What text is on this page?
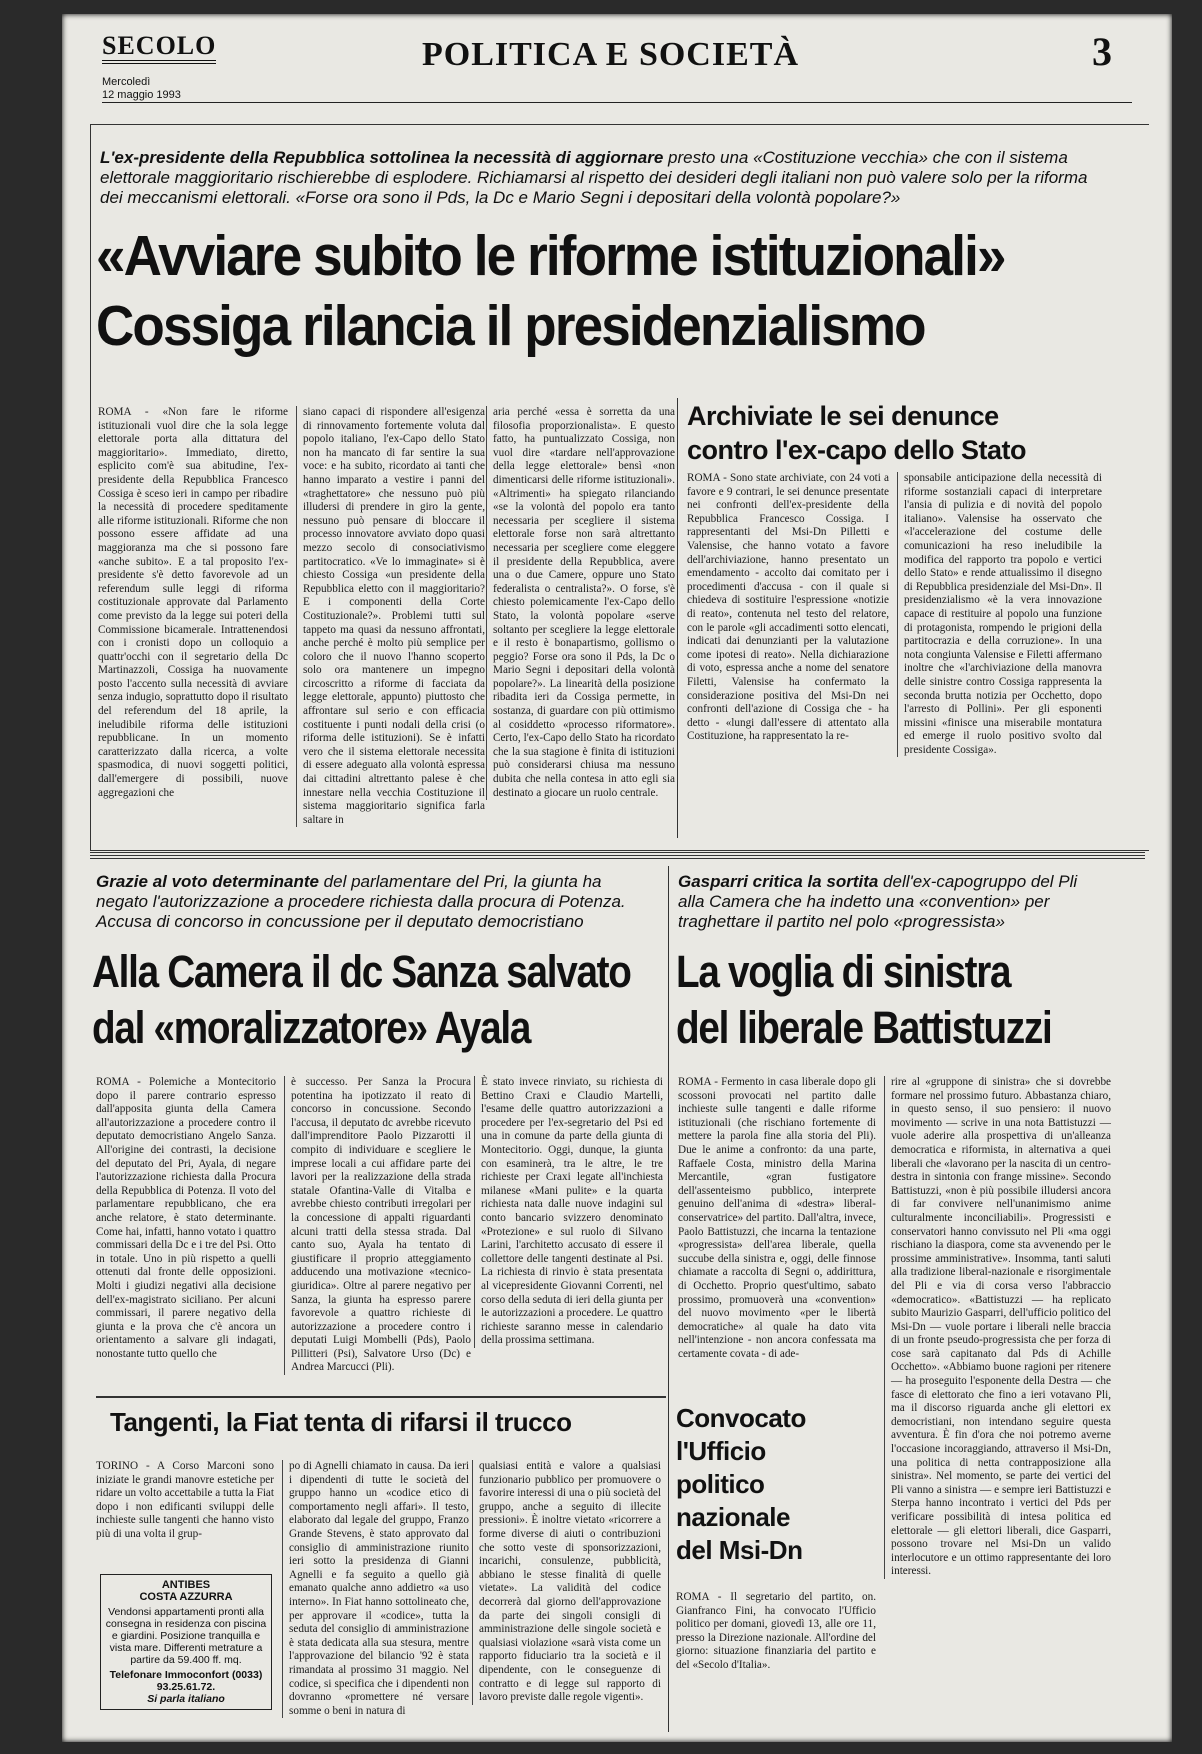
SECOLO
Mercoledì
12 maggio 1993
POLITICA E SOCIETÀ	3
L'ex-presidente della Repubblica sottolinea la necessità di aggiornare presto una «Costituzione vecchia» che con il sistema elettorale maggioritario rischierebbe di esplodere. Richiamarsi al rispetto dei desideri degli italiani non può valere solo per la riforma dei meccanismi elettorali. «Forse ora sono il Pds, la Dc e Mario Segni i depositari della volontà popolare?»
«Avviare subito le riforme istituzionali»
Cossiga rilancia il presidenzialismo
ROMA - «Non fare le riforme istituzionali vuol dire che la sola legge elettorale porta alla dittatura del maggioritario». Immediato, diretto, esplicito com'è sua abitudine, l'ex-presidente della Repubblica Francesco Cossiga è sceso ieri in campo per ribadire la necessità di procedere speditamente alle riforme istituzionali. Riforme che non possono essere affidate ad una maggioranza ma che si possono fare «anche subito». E a tal proposito l'ex-presidente s'è detto favorevole ad un referendum sulle leggi di riforma costituzionale approvate dal Parlamento come previsto da la legge sui poteri della Commissione bicamerale. Intrattenendosi con i cronisti dopo un colloquio a quattr'occhi con il segretario della Dc Martinazzoli, Cossiga ha nuovamente posto l'accento sulla necessità di avviare senza indugio, soprattutto dopo il risultato del referendum del 18 aprile, la ineludibile riforma delle istituzioni repubblicane. In un momento caratterizzato dalla ricerca, a volte spasmodica, di nuovi soggetti politici, dall'emergere di possibili, nuove aggregazioni che
siano capaci di rispondere all'esigenza di rinnovamento fortemente voluta dal popolo italiano, l'ex-Capo dello Stato non ha mancato di far sentire la sua voce: e ha subito, ricordato ai tanti che hanno imparato a vestire i panni del «traghettatore» che nessuno può più illudersi di prendere in giro la gente, nessuno può pensare di bloccare il processo innovatore avviato dopo quasi mezzo secolo di consociativismo partitocratico. «Ve lo immaginate» si è chiesto Cossiga «un presidente della Repubblica eletto con il maggioritario? E i componenti della Corte Costituzionale?». Problemi tutti sul tappeto ma quasi da nessuno affrontati, anche perché è molto più semplice per coloro che il nuovo l'hanno scoperto solo ora mantenere un impegno circoscritto a riforme di facciata da legge elettorale, appunto) piuttosto che affrontare sul serio e con efficacia costituente i punti nodali della crisi (o riforma delle istituzioni). Se è infatti vero che il sistema elettorale necessita di essere adeguato alla volontà espressa dai cittadini altrettanto palese è che innestare nella vecchia Costituzione il sistema maggioritario significa farla saltare in
aria perché «essa è sorretta da una filosofia proporzionalista». E questo fatto, ha puntualizzato Cossiga, non vuol dire «tardare nell'approvazione della legge elettorale» bensì «non dimenticarsi delle riforme istituzionali». «Altrimenti» ha spiegato rilanciando «se la volontà del popolo era tanto necessaria per scegliere il sistema elettorale forse non sarà altrettanto necessaria per scegliere come eleggere il presidente della Repubblica, avere una o due Camere, oppure uno Stato federalista o centralista?». O forse, s'è chiesto polemicamente l'ex-Capo dello Stato, la volontà popolare «serve soltanto per scegliere la legge elettorale e il resto è bonapartismo, gollismo o peggio? Forse ora sono il Pds, la Dc o Mario Segni i depositari della volontà popolare?». La linearità della posizione ribadita ieri da Cossiga permette, in sostanza, di guardare con più ottimismo al cosiddetto «processo riformatore». Certo, l'ex-Capo dello Stato ha ricordato che la sua stagione è finita di istituzioni può considerarsi chiusa ma nessuno dubita che nella contesa in atto egli sia destinato a giocare un ruolo centrale.
Archiviate le sei denunce
contro l'ex-capo dello Stato
ROMA - Sono state archiviate, con 24 voti a favore e 9 contrari, le sei denunce presentate nei confronti dell'ex-presidente della Repubblica Francesco Cossiga. I rappresentanti del Msi-Dn Pilletti e Valensise, che hanno votato a favore dell'archiviazione, hanno presentato un emendamento - accolto dai comitato per i procedimenti d'accusa - con il quale si chiedeva di sostituire l'espressione «notizie di reato», contenuta nel testo del relatore, con le parole «gli accadimenti sotto elencati, indicati dai denunzianti per la valutazione come ipotesi di reato». Nella dichiarazione di voto, espressa anche a nome del senatore Filetti, Valensise ha confermato la considerazione positiva del Msi-Dn nei confronti dell'azione di Cossiga che - ha detto - «lungi dall'essere di attentato alla Costituzione, ha rappresentato la re-
sponsabile anticipazione della necessità di riforme sostanziali capaci di interpretare l'ansia di pulizia e di novità del popolo italiano». Valensise ha osservato che «l'accelerazione del costume delle comunicazioni ha reso ineludibile la modifica del rapporto tra popolo e vertici dello Stato» e rende attualissimo il disegno di Repubblica presidenziale del Msi-Dn». Il presidenzialismo «è la vera innovazione capace di restituire al popolo una funzione di protagonista, rompendo le prigioni della partitocrazia e della corruzione». In una nota congiunta Valensise e Filetti affermano inoltre che «l'archiviazione della manovra delle sinistre contro Cossiga rappresenta la seconda brutta notizia per Occhetto, dopo l'arresto di Pollini». Per gli esponenti missini «finisce una miserabile montatura ed emerge il ruolo positivo svolto dal presidente Cossiga».
Grazie al voto determinante del parlamentare del Pri, la giunta ha negato l'autorizzazione a procedere richiesta dalla procura di Potenza. Accusa di concorso in concussione per il deputato democristiano
Alla Camera il dc Sanza salvato
dal «moralizzatore» Ayala
ROMA - Polemiche a Montecitorio dopo il parere contrario espresso dall'apposita giunta della Camera all'autorizzazione a procedere contro il deputato democristiano Angelo Sanza. All'origine dei contrasti, la decisione del deputato del Pri, Ayala, di negare l'autorizzazione richiesta dalla Procura della Repubblica di Potenza. Il voto del parlamentare repubblicano, che era anche relatore, è stato determinante. Come hai, infatti, hanno votato i quattro commissari della Dc e i tre del Psi. Otto in totale. Uno in più rispetto a quelli ottenuti dal fronte delle opposizioni. Molti i giudizi negativi alla decisione dell'ex-magistrato siciliano. Per alcuni commissari, il parere negativo della giunta e la prova che c'è ancora un orientamento a salvare gli indagati, nonostante tutto quello che
è successo. Per Sanza la Procura potentina ha ipotizzato il reato di concorso in concussione. Secondo l'accusa, il deputato dc avrebbe ricevuto dall'imprenditore Paolo Pizzarotti il compito di individuare e scegliere le imprese locali a cui affidare parte dei lavori per la realizzazione della strada statale Ofantina-Valle di Vitalba e avrebbe chiesto contributi irregolari per la concessione di appalti riguardanti alcuni tratti della stessa strada. Dal canto suo, Ayala ha tentato di giustificare il proprio atteggiamento adducendo una motivazione «tecnico-giuridica». Oltre al parere negativo per Sanza, la giunta ha espresso parere favorevole a quattro richieste di autorizzazione a procedere contro i deputati Luigi Mombelli (Pds), Paolo Pillitteri (Psi), Salvatore Urso (Dc) e Andrea Marcucci (Pli).
È stato invece rinviato, su richiesta di Bettino Craxi e Claudio Martelli, l'esame delle quattro autorizzazioni a procedere per l'ex-segretario del Psi ed una in comune da parte della giunta di Montecitorio. Oggi, dunque, la giunta con esaminerà, tra le altre, le tre richieste per Craxi legate all'inchiesta milanese «Mani pulite» e la quarta richiesta nata dalle nuove indagini sul conto bancario svizzero denominato «Protezione» e sul ruolo di Silvano Larini, l'architetto accusato di essere il collettore delle tangenti destinate al Psi. La richiesta di rinvio è stata presentata al vicepresidente Giovanni Correnti, nel corso della seduta di ieri della giunta per le autorizzazioni a procedere. Le quattro richieste saranno messe in calendario della prossima settimana.
Gasparri critica la sortita dell'ex-capogruppo del Pli alla Camera che ha indetto una «convention» per traghettare il partito nel polo «progressista»
La voglia di sinistra
del liberale Battistuzzi
ROMA - Fermento in casa liberale dopo gli scossoni provocati nel partito dalle inchieste sulle tangenti e dalle riforme istituzionali (che rischiano fortemente di mettere la parola fine alla storia del Pli). Due le anime a confronto: da una parte, Raffaele Costa, ministro della Marina Mercantile, «gran fustigatore dell'assenteismo pubblico, interprete genuino dell'anima di «destra» liberal-conservatrice» del partito. Dall'altra, invece, Paolo Battistuzzi, che incarna la tentazione «progressista» dell'area liberale, quella succube della sinistra e, oggi, delle finnose chiamate a raccolta di Segni o, addirittura, di Occhetto. Proprio quest'ultimo, sabato prossimo, promuoverà una «convention» del nuovo movimento «per le libertà democratiche» al quale ha dato vita nell'intenzione - non ancora confessata ma certamente covata - di ade-
rire al «gruppone di sinistra» che si dovrebbe formare nel prossimo futuro. Abbastanza chiaro, in questo senso, il suo pensiero: il nuovo movimento — scrive in una nota Battistuzzi — vuole aderire alla prospettiva di un'alleanza democratica e riformista, in alternativa a quei liberali che «lavorano per la nascita di un centro-destra in sintonia con frange missine». Secondo Battistuzzi, «non è più possibile illudersi ancora di far convivere nell'unanimismo anime culturalmente inconciliabili». Progressisti e conservatori hanno convissuto nel Pli «ma oggi rischiano la diaspora, come sta avvenendo per le prossime amministrative». Insomma, tanti saluti alla tradizione liberal-nazionale e risorgimentale del Pli e via di corsa verso l'abbraccio «democratico». «Battistuzzi — ha replicato subito Maurizio Gasparri, dell'ufficio politico del Msi-Dn — vuole portare i liberali nelle braccia di un fronte pseudo-progressista che per forza di cose sarà capitanato dal Pds di Achille Occhetto». «Abbiamo buone ragioni per ritenere — ha proseguito l'esponente della Destra — che fasce di elettorato che fino a ieri votavano Pli, ma il discorso riguarda anche gli elettori ex democristiani, non intendano seguire questa avventura. È fin d'ora che noi potremo averne l'occasione incoraggiando, attraverso il Msi-Dn, una politica di netta contrapposizione alla sinistra». Nel momento, se parte dei vertici del Pli vanno a sinistra — e sempre ieri Battistuzzi e Sterpa hanno incontrato i vertici del Pds per verificare possibilità di intesa politica ed elettorale — gli elettori liberali, dice Gasparri, possono trovare nel Msi-Dn un valido interlocutore e un ottimo rappresentante dei loro interessi.
Tangenti, la Fiat tenta di rifarsi il trucco
TORINO - A Corso Marconi sono iniziate le grandi manovre estetiche per ridare un volto accettabile a tutta la Fiat dopo i non edificanti sviluppi delle inchieste sulle tangenti che hanno visto più di una volta il grup-
ANTIBES
COSTA AZZURRA
Vendonsi appartamenti pronti alla consegna in residenza con piscina e giardini. Posizione tranquilla e vista mare. Differenti metrature a partire da 59.400 ff. mq.
Telefonare Immoconfort (0033) 93.25.61.72.
Si parla italiano
po di Agnelli chiamato in causa. Da ieri i dipendenti di tutte le società del gruppo hanno un «codice etico di comportamento negli affari». Il testo, elaborato dal legale del gruppo, Franzo Grande Stevens, è stato approvato dal consiglio di amministrazione riunito ieri sotto la presidenza di Gianni Agnelli e fa seguito a quello già emanato qualche anno addietro «a uso interno». In Fiat hanno sottolineato che, per approvare il «codice», tutta la seduta del consiglio di amministrazione è stata dedicata alla sua stesura, mentre l'approvazione del bilancio '92 è stata rimandata al prossimo 31 maggio. Nel codice, si specifica che i dipendenti non dovranno «promettere né versare somme o beni in natura di
qualsiasi entità e valore a qualsiasi funzionario pubblico per promuovere o favorire interessi di una o più società del gruppo, anche a seguito di illecite pressioni». È inoltre vietato «ricorrere a forme diverse di aiuti o contribuzioni che sotto veste di sponsorizzazioni, incarichi, consulenze, pubblicità, abbiano le stesse finalità di quelle vietate». La validità del codice decorrerà dal giorno dell'approvazione da parte dei singoli consigli di amministrazione delle singole società e qualsiasi violazione «sarà vista come un rapporto fiduciario tra la società e il dipendente, con le conseguenze di contratto e di legge sul rapporto di lavoro previste dalle regole vigenti».
Convocato
l'Ufficio
politico
nazionale
del Msi-Dn
ROMA - Il segretario del partito, on. Gianfranco Fini, ha convocato l'Ufficio politico per domani, giovedì 13, alle ore 11, presso la Direzione nazionale. All'ordine del giorno: situazione finanziaria del partito e del «Secolo d'Italia».
